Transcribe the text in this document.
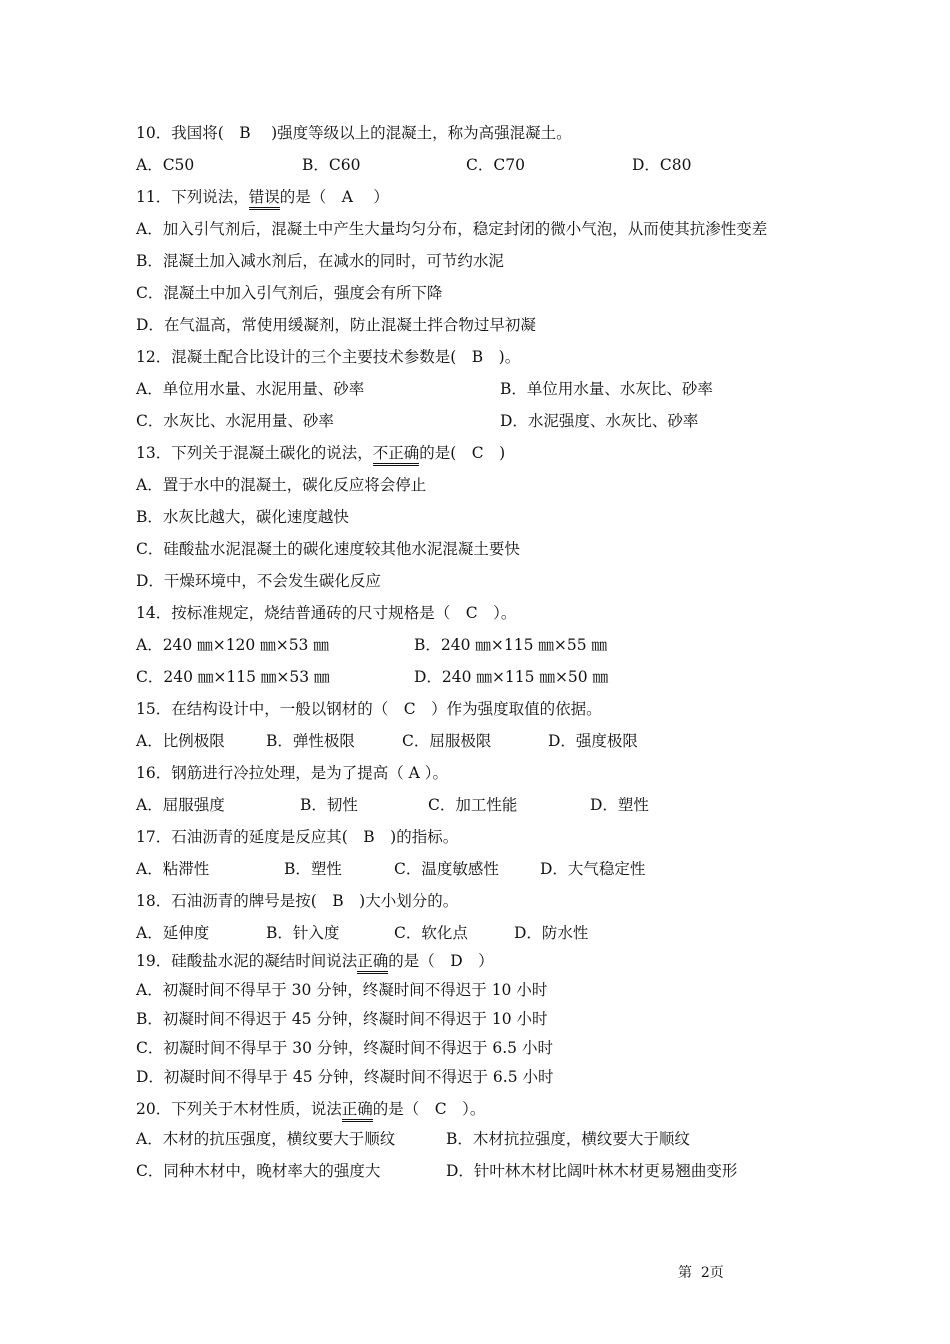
10．我国将(　B　 )强度等级以上的混凝土，称为高强混凝土。
A．C50	B．C60	C．C70	D．C80
11．下列说法，错误的是（　A　 ）
A．加入引气剂后，混凝土中产生大量均匀分布，稳定封闭的微小气泡，从而使其抗渗性变差
B．混凝土加入减水剂后，在减水的同时，可节约水泥
C．混凝土中加入引气剂后，强度会有所下降
D．在气温高，常使用缓凝剂，防止混凝土拌合物过早初凝
12．混凝土配合比设计的三个主要技术参数是(　B　)。
A．单位用水量、水泥用量、砂率	B．单位用水量、水灰比、砂率
C．水灰比、水泥用量、砂率	D．水泥强度、水灰比、砂率
13．下列关于混凝土碳化的说法，不正确的是(　C　)
A．置于水中的混凝土，碳化反应将会停止
B．水灰比越大，碳化速度越快
C．硅酸盐水泥混凝土的碳化速度较其他水泥混凝土要快
D．干燥环境中，不会发生碳化反应
14．按标准规定，烧结普通砖的尺寸规格是（　C　）。
A．240 ㎜×120 ㎜×53 ㎜	B．240 ㎜×115 ㎜×55 ㎜
C．240 ㎜×115 ㎜×53 ㎜	D．240 ㎜×115 ㎜×50 ㎜
15．在结构设计中，一般以钢材的（　C　）作为强度取值的依据。
A．比例极限	B．弹性极限	C．屈服极限	D．强度极限
16．钢筋进行冷拉处理，是为了提高（ A ）。
A．屈服强度	B．韧性	C．加工性能	D．塑性
17．石油沥青的延度是反应其(　B　)的指标。
A．粘滞性	B．塑性	C．温度敏感性	D．大气稳定性
18．石油沥青的牌号是按(　B　)大小划分的。
A．延伸度	B．针入度	C．软化点	D．防水性
19．硅酸盐水泥的凝结时间说法正确的是（　D　）
A．初凝时间不得早于 30 分钟，终凝时间不得迟于 10 小时
B．初凝时间不得迟于 45 分钟，终凝时间不得迟于 10 小时
C．初凝时间不得早于 30 分钟，终凝时间不得迟于 6.5 小时
D．初凝时间不得早于 45 分钟，终凝时间不得迟于 6.5 小时
20．下列关于木材性质，说法正确的是（　C　）。
A．木材的抗压强度，横纹要大于顺纹	B．木材抗拉强度，横纹要大于顺纹
C．同种木材中，晚材率大的强度大	D．针叶林木材比阔叶林木材更易翘曲变形
第  2页
